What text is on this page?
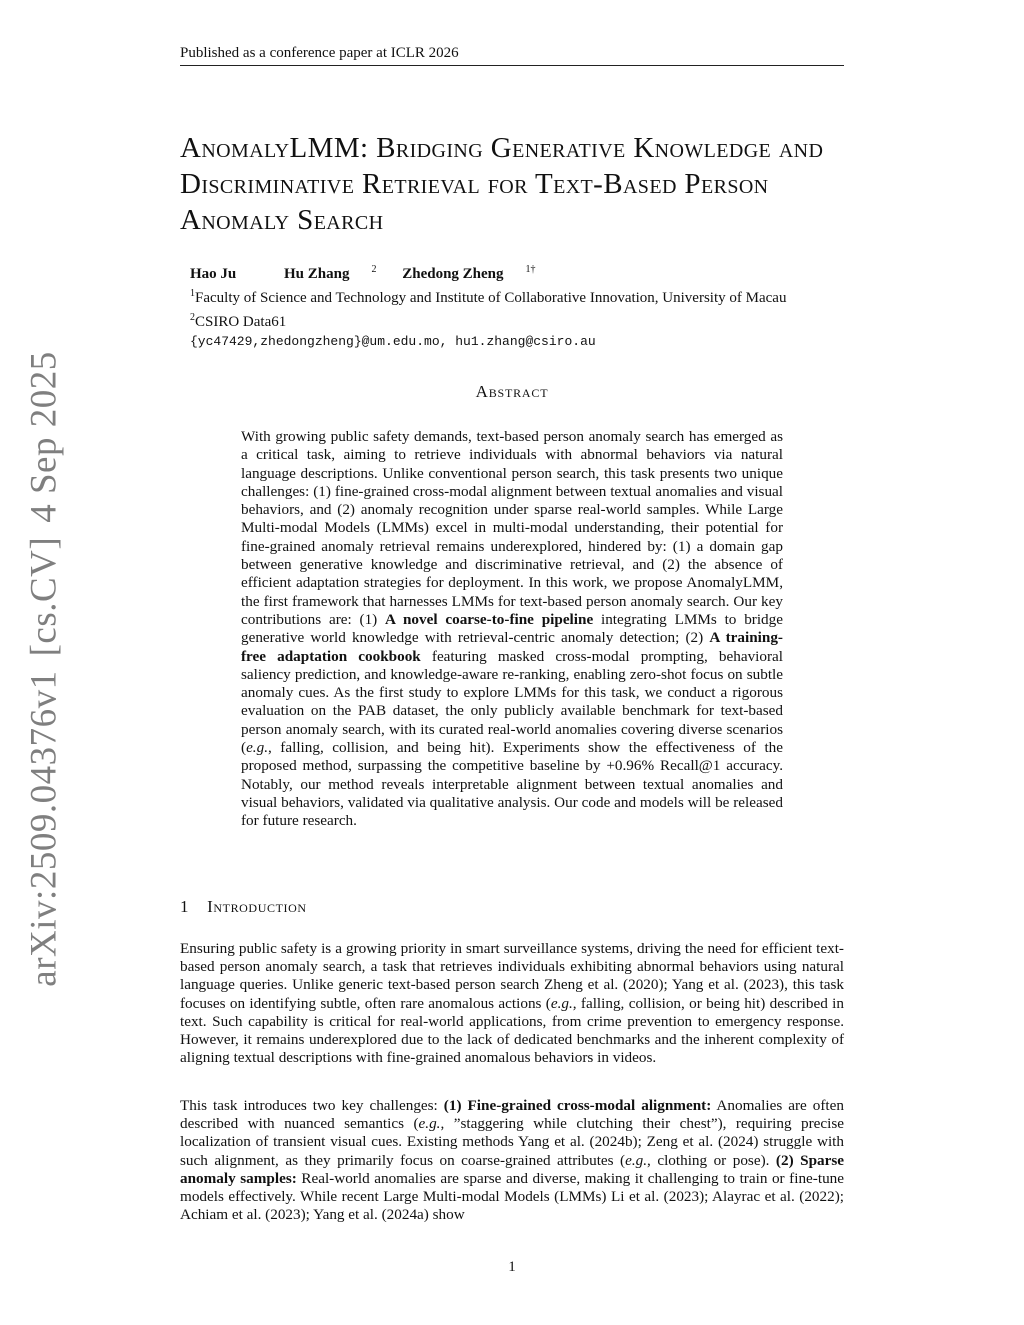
Published as a conference paper at ICLR 2026
AnomalyLMM: Bridging Generative Knowledge and Discriminative Retrieval for Text-Based Person Anomaly Search
Hao Ju	Hu Zhang $^2$ Zhedong Zheng $^{1\dagger}$
$^1$Faculty of Science and Technology and Institute of Collaborative Innovation, University of Macau
$^2$CSIRO Data61
{yc47429,zhedongzheng}@um.edu.mo, hu1.zhang@csiro.au
Abstract

With growing public safety demands, text-based person anomaly search has emerged as a critical task, aiming to retrieve individuals with abnormal behaviors via natural language descriptions. Unlike conventional person search, this task presents two unique challenges: (1) fine-grained cross-modal alignment between textual anomalies and visual behaviors, and (2) anomaly recognition under sparse real-world samples. While Large Multi-modal Models (LMMs) excel in multi-modal understanding, their potential for fine-grained anomaly retrieval remains underexplored, hindered by: (1) a domain gap between generative knowledge and discriminative retrieval, and (2) the absence of efficient adaptation strategies for deployment. In this work, we propose AnomalyLMM, the first framework that harnesses LMMs for text-based person anomaly search. Our key contributions are: (1) A novel coarse-to-fine pipeline integrating LMMs to bridge generative world knowledge with retrieval-centric anomaly detection; (2) A training-free adaptation cookbook featuring masked cross-modal prompting, behavioral saliency prediction, and knowledge-aware re-ranking, enabling zero-shot focus on subtle anomaly cues. As the first study to explore LMMs for this task, we conduct a rigorous evaluation on the PAB dataset, the only publicly available benchmark for text-based person anomaly search, with its curated real-world anomalies covering diverse scenarios (e.g., falling, collision, and being hit). Experiments show the effectiveness of the proposed method, surpassing the competitive baseline by +0.96% Recall@1 accuracy. Notably, our method reveals interpretable alignment between textual anomalies and visual behaviors, validated via qualitative analysis. Our code and models will be released for future research.

1 Introduction

Ensuring public safety is a growing priority in smart surveillance systems, driving the need for efficient text-based person anomaly search, a task that retrieves individuals exhibiting abnormal behaviors using natural language queries. Unlike generic text-based person search Zheng et al. (2020); Yang et al. (2023), this task focuses on identifying subtle, often rare anomalous actions (e.g., falling, collision, or being hit) described in text. Such capability is critical for real-world applications, from crime prevention to emergency response. However, it remains underexplored due to the lack of dedicated benchmarks and the inherent complexity of aligning textual descriptions with fine-grained anomalous behaviors in videos.

This task introduces two key challenges: (1) Fine-grained cross-modal alignment: Anomalies are often described with nuanced semantics (e.g., ”staggering while clutching their chest”), requiring precise localization of transient visual cues. Existing methods Yang et al. (2024b); Zeng et al. (2024) struggle with such alignment, as they primarily focus on coarse-grained attributes (e.g., clothing or pose). (2) Sparse anomaly samples: Real-world anomalies are sparse and diverse, making it challenging to train or fine-tune models effectively. While recent Large Multi-modal Models (LMMs) Li et al. (2023); Alayrac et al. (2022); Achiam et al. (2023); Yang et al. (2024a) show

1
arXiv:2509.04376v1[cs.CV]4 Sep 2025
